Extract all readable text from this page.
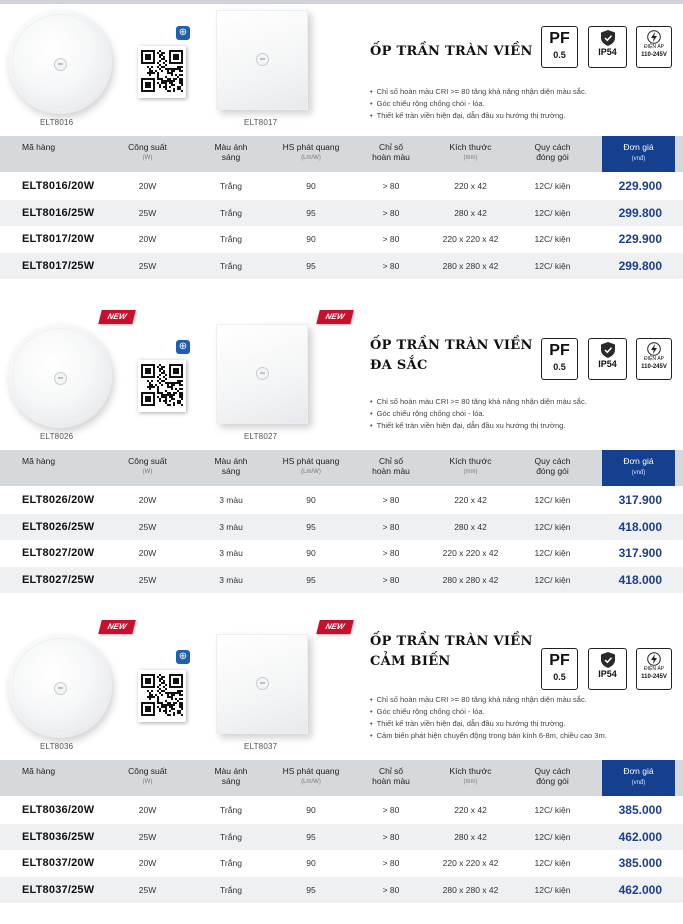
ELT8016
⊕
ELT8017
ỐP TRẦN TRÀN VIỀN
PF
0.5	IP54	ĐIỆN ÁP
110-245V
• Chỉ số hoàn màu CRI >= 80 tăng khả năng nhận diện màu sắc.
• Góc chiếu rộng chống chói - lóa.
• Thiết kế tràn viền hiện đại, dẫn đầu xu hướng thị trường.
Mã hàng	Công suất
(W)
Màu ánh sáng
HS phát quang
(Lm/W)
Chỉ số hoàn màu
Kích thước
(mm)
Quy cách đóng gói
Đơn giá
(vnđ)
ELT8016/20W	20W	Trắng	90	> 80	220 x 42	12C/ kiện	229.900
ELT8016/25W	25W	Trắng	95	> 80	280 x 42	12C/ kiện	299.800
ELT8017/20W	20W	Trắng	90	> 80	220 x 220 x 42	12C/ kiện	229.900
ELT8017/25W	25W	Trắng	95	> 80	280 x 280 x 42	12C/ kiện	299.800
ELT8026
⊕
ELT8027
NEW	NEW
ỐP TRẦN TRÀN VIỀN
ĐA SẮC
PF
0.5	IP54	ĐIỆN ÁP
110-245V
• Chỉ số hoàn màu CRI >= 80 tăng khả năng nhận diện màu sắc.
• Góc chiếu rộng chống chói - lóa.
• Thiết kế tràn viền hiện đại, dẫn đầu xu hướng thị trường.
Mã hàng	Công suất
(W)
Màu ánh sáng
HS phát quang
(Lm/W)
Chỉ số hoàn màu
Kích thước
(mm)
Quy cách đóng gói
Đơn giá
(vnđ)
ELT8026/20W	20W	3 màu	90	> 80	220 x 42	12C/ kiện	317.900
ELT8026/25W	25W	3 màu	95	> 80	280 x 42	12C/ kiện	418.000
ELT8027/20W	20W	3 màu	90	> 80	220 x 220 x 42	12C/ kiện	317.900
ELT8027/25W	25W	3 màu	95	> 80	280 x 280 x 42	12C/ kiện	418.000
ELT8036
⊕
ELT8037
NEW	NEW
ỐP TRẦN TRÀN VIỀN
CẢM BIẾN	PF
0.5	IP54	ĐIỆN ÁP
110-245V
• Chỉ số hoàn màu CRI >= 80 tăng khả năng nhận diện màu sắc.
• Góc chiếu rộng chống chói - lóa.
• Thiết kế tràn viền hiện đại, dẫn đầu xu hướng thị trường.
• Cảm biến phát hiện chuyển động trong bán kính 6-8m, chiều cao 3m.
Mã hàng	Công suất
(W)
Màu ánh sáng
HS phát quang
(Lm/W)
Chỉ số hoàn màu
Kích thước
(mm)
Quy cách đóng gói
Đơn giá
(vnđ)
ELT8036/20W	20W	Trắng	90	> 80	220 x 42	12C/ kiện	385.000
ELT8036/25W	25W	Trắng	95	> 80	280 x 42	12C/ kiện	462.000
ELT8037/20W	20W	Trắng	90	> 80	220 x 220 x 42	12C/ kiện	385.000
ELT8037/25W	25W	Trắng	95	> 80	280 x 280 x 42	12C/ kiện	462.000
